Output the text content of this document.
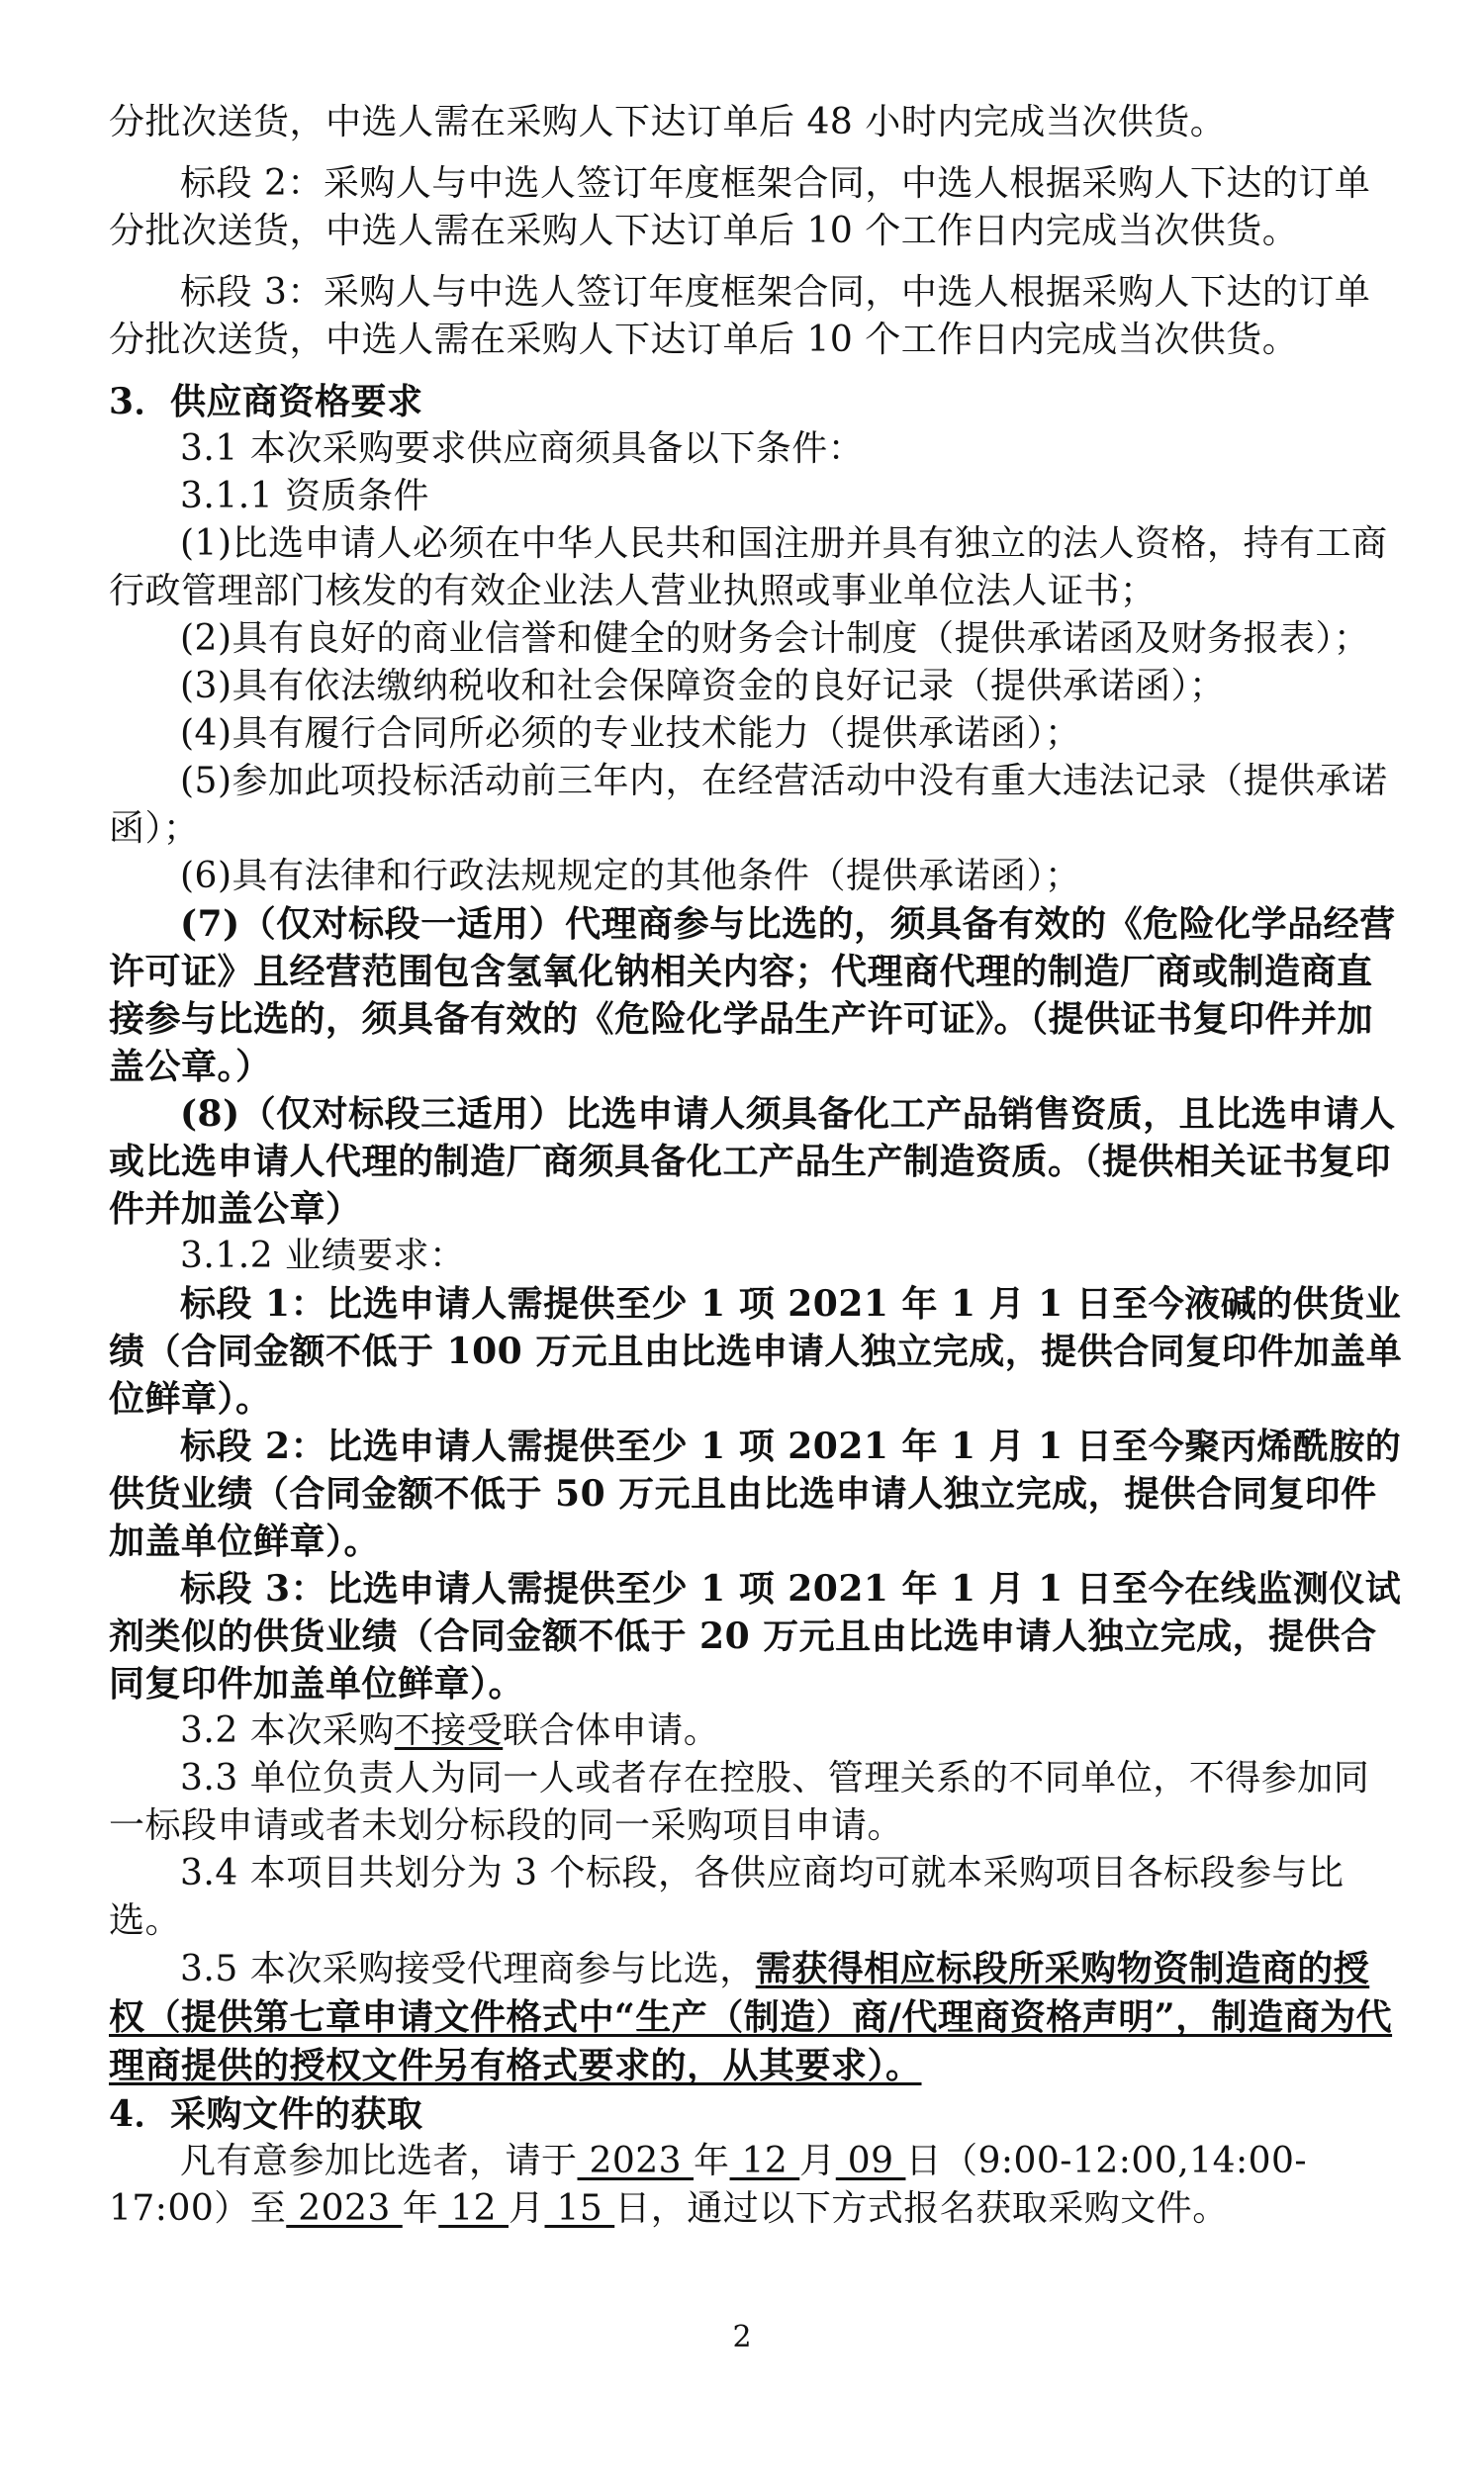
分批次送货，中选人需在采购人下达订单后 48 小时内完成当次供货。

标段 2：采购人与中选人签订年度框架合同，中选人根据采购人下达的订单分批次送货，中选人需在采购人下达订单后 10 个工作日内完成当次供货。

标段 3：采购人与中选人签订年度框架合同，中选人根据采购人下达的订单分批次送货，中选人需在采购人下达订单后 10 个工作日内完成当次供货。

3．供应商资格要求

3.1 本次采购要求供应商须具备以下条件：

3.1.1 资质条件

(1)比选申请人必须在中华人民共和国注册并具有独立的法人资格，持有工商行政管理部门核发的有效企业法人营业执照或事业单位法人证书；

(2)具有良好的商业信誉和健全的财务会计制度（提供承诺函及财务报表）；

(3)具有依法缴纳税收和社会保障资金的良好记录（提供承诺函）；

(4)具有履行合同所必须的专业技术能力（提供承诺函）；

(5)参加此项投标活动前三年内，在经营活动中没有重大违法记录（提供承诺函）；

(6)具有法律和行政法规规定的其他条件（提供承诺函）；

(7)（仅对标段一适用）代理商参与比选的，须具备有效的《危险化学品经营许可证》且经营范围包含氢氧化钠相关内容；代理商代理的制造厂商或制造商直接参与比选的，须具备有效的《危险化学品生产许可证》。（提供证书复印件并加盖公章。）

(8)（仅对标段三适用）比选申请人须具备化工产品销售资质，且比选申请人或比选申请人代理的制造厂商须具备化工产品生产制造资质。（提供相关证书复印件并加盖公章）

3.1.2 业绩要求：

标段 1：比选申请人需提供至少 1 项 2021 年 1 月 1 日至今液碱的供货业绩（合同金额不低于 100 万元且由比选申请人独立完成，提供合同复印件加盖单位鲜章）。

标段 2：比选申请人需提供至少 1 项 2021 年 1 月 1 日至今聚丙烯酰胺的供货业绩（合同金额不低于 50 万元且由比选申请人独立完成，提供合同复印件加盖单位鲜章）。

标段 3：比选申请人需提供至少 1 项 2021 年 1 月 1 日至今在线监测仪试剂类似的供货业绩（合同金额不低于 20 万元且由比选申请人独立完成，提供合同复印件加盖单位鲜章）。

3.2 本次采购不接受联合体申请。

3.3 单位负责人为同一人或者存在控股、管理关系的不同单位，不得参加同一标段申请或者未划分标段的同一采购项目申请。

3.4 本项目共划分为 3 个标段，各供应商均可就本采购项目各标段参与比选。

3.5 本次采购接受代理商参与比选，需获得相应标段所采购物资制造商的授权（提供第七章申请文件格式中“生产（制造）商/代理商资格声明”，制造商为代理商提供的授权文件另有格式要求的，从其要求）。

4．采购文件的获取

凡有意参加比选者，请于 2023 年 12 月 09 日（9:00-12:00,14:00-17:00）至 2023 年 12 月 15 日，通过以下方式报名获取采购文件。

2
